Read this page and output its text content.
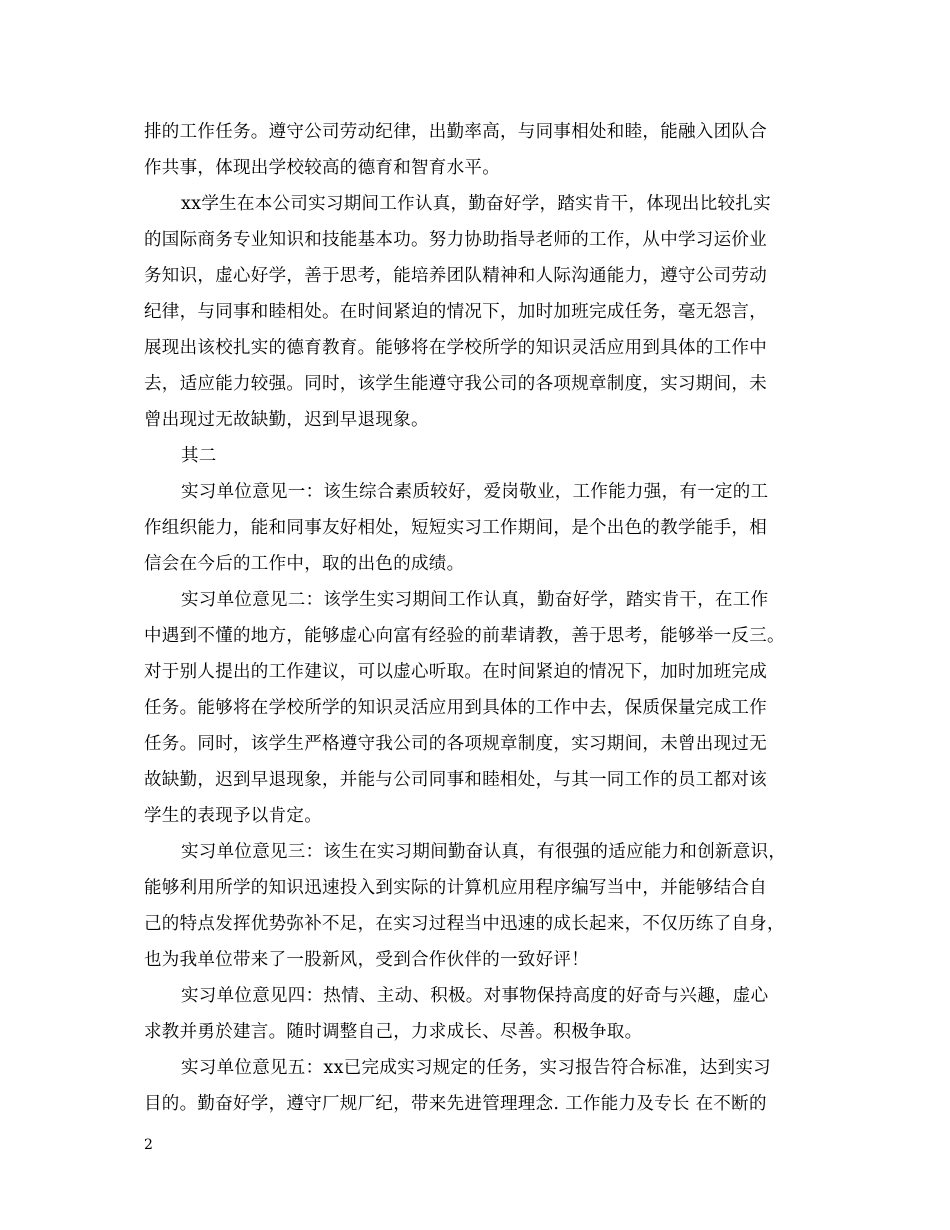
排的工作任务。遵守公司劳动纪律，出勤率高，与同事相处和睦，能融入团队合
作共事，体现出学校较高的德育和智育水平。
xx学生在本公司实习期间工作认真，勤奋好学，踏实肯干，体现出比较扎实
的国际商务专业知识和技能基本功。努力协助指导老师的工作，从中学习运价业
务知识，虚心好学，善于思考，能培养团队精神和人际沟通能力，遵守公司劳动
纪律，与同事和睦相处。在时间紧迫的情况下，加时加班完成任务，毫无怨言，
展现出该校扎实的德育教育。能够将在学校所学的知识灵活应用到具体的工作中
去，适应能力较强。同时，该学生能遵守我公司的各项规章制度，实习期间，未
曾出现过无故缺勤，迟到早退现象。
其二
实习单位意见一：该生综合素质较好，爱岗敬业，工作能力强，有一定的工
作组织能力，能和同事友好相处，短短实习工作期间，是个出色的教学能手，相
信会在今后的工作中，取的出色的成绩。
实习单位意见二：该学生实习期间工作认真，勤奋好学，踏实肯干，在工作
中遇到不懂的地方，能够虚心向富有经验的前辈请教，善于思考，能够举一反三。
对于别人提出的工作建议，可以虚心听取。在时间紧迫的情况下，加时加班完成
任务。能够将在学校所学的知识灵活应用到具体的工作中去，保质保量完成工作
任务。同时，该学生严格遵守我公司的各项规章制度，实习期间，未曾出现过无
故缺勤，迟到早退现象，并能与公司同事和睦相处，与其一同工作的员工都对该
学生的表现予以肯定。
实习单位意见三：该生在实习期间勤奋认真，有很强的适应能力和创新意识，
能够利用所学的知识迅速投入到实际的计算机应用程序编写当中，并能够结合自
己的特点发挥优势弥补不足，在实习过程当中迅速的成长起来，不仅历练了自身，
也为我单位带来了一股新风，受到合作伙伴的一致好评！
实习单位意见四：热情、主动、积极。对事物保持高度的好奇与兴趣，虚心
求教并勇於建言。随时调整自己，力求成长、尽善。积极争取。
实习单位意见五：xx已完成实习规定的任务，实习报告符合标准，达到实习
目的。勤奋好学，遵守厂规厂纪，带来先进管理理念. 工作能力及专长 在不断的
2
